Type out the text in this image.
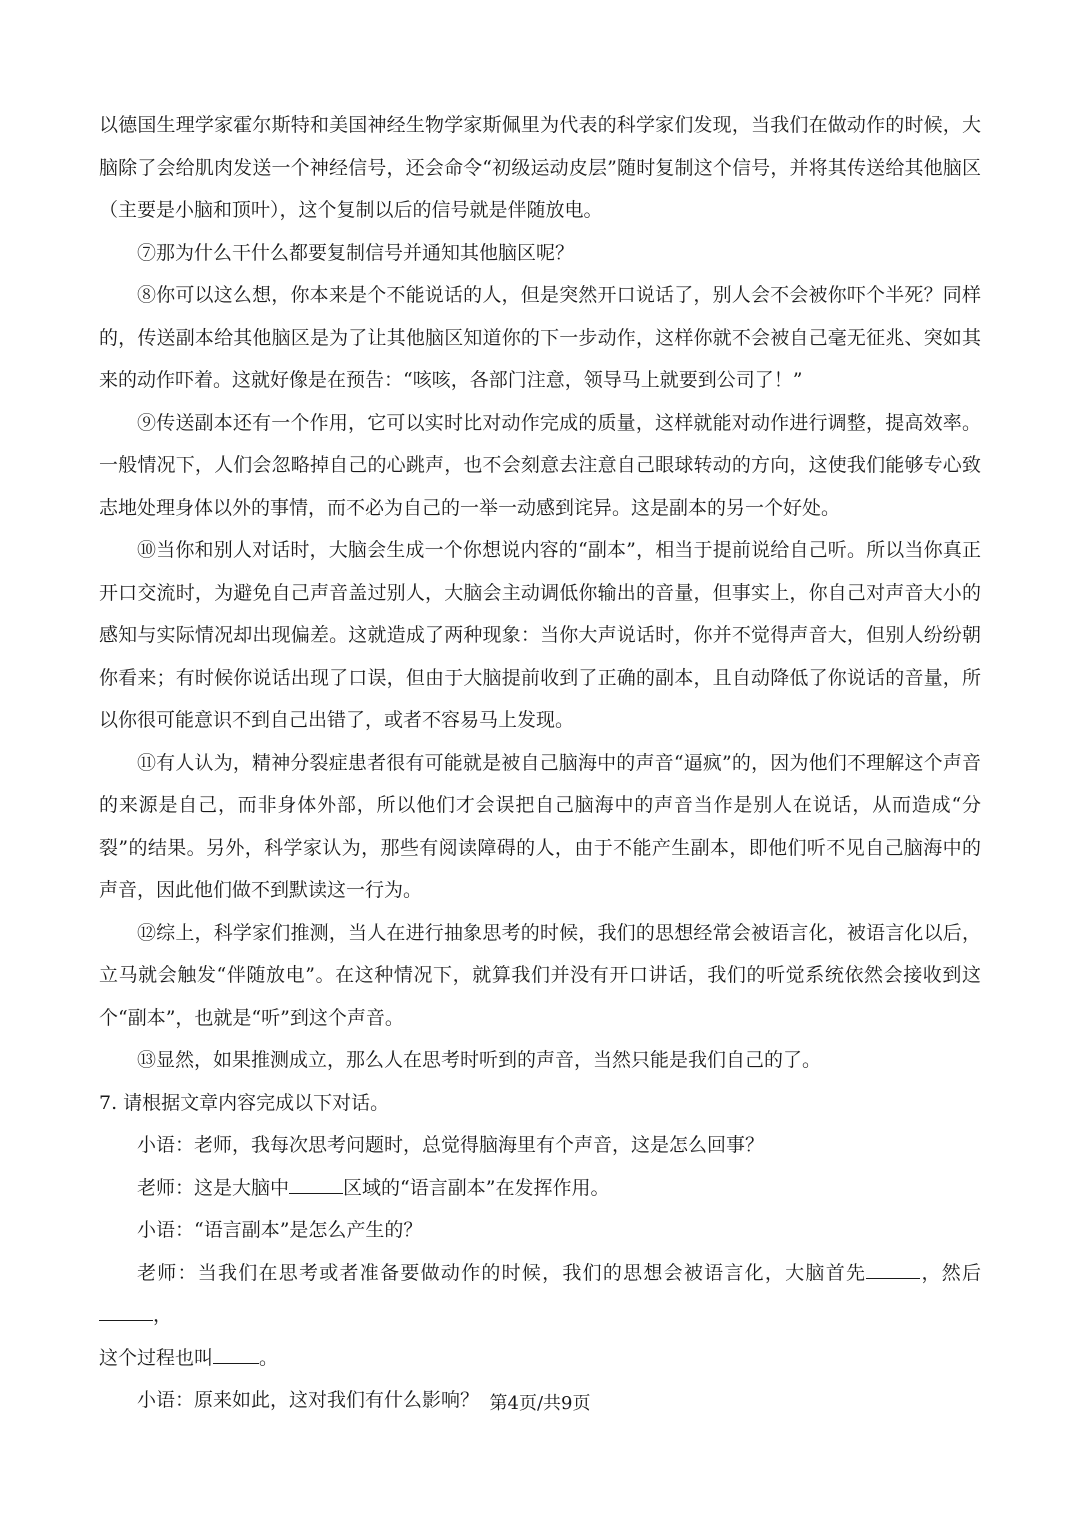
以德国生理学家霍尔斯特和美国神经生物学家斯佩里为代表的科学家们发现，当我们在做动作的时候，大脑除了会给肌肉发送一个神经信号，还会命令“初级运动皮层”随时复制这个信号，并将其传送给其他脑区（主要是小脑和顶叶），这个复制以后的信号就是伴随放电。

⑦那为什么干什么都要复制信号并通知其他脑区呢？

⑧你可以这么想，你本来是个不能说话的人，但是突然开口说话了，别人会不会被你吓个半死？同样的，传送副本给其他脑区是为了让其他脑区知道你的下一步动作，这样你就不会被自己毫无征兆、突如其来的动作吓着。这就好像是在预告：“咳咳，各部门注意，领导马上就要到公司了！”

⑨传送副本还有一个作用，它可以实时比对动作完成的质量，这样就能对动作进行调整，提高效率。一般情况下，人们会忽略掉自己的心跳声，也不会刻意去注意自己眼球转动的方向，这使我们能够专心致志地处理身体以外的事情，而不必为自己的一举一动感到诧异。这是副本的另一个好处。

⑩当你和别人对话时，大脑会生成一个你想说内容的“副本”，相当于提前说给自己听。所以当你真正开口交流时，为避免自己声音盖过别人，大脑会主动调低你输出的音量，但事实上，你自己对声音大小的感知与实际情况却出现偏差。这就造成了两种现象：当你大声说话时，你并不觉得声音大，但别人纷纷朝你看来；有时候你说话出现了口误，但由于大脑提前收到了正确的副本，且自动降低了你说话的音量，所以你很可能意识不到自己出错了，或者不容易马上发现。

⑪有人认为，精神分裂症患者很有可能就是被自己脑海中的声音“逼疯”的，因为他们不理解这个声音的来源是自己，而非身体外部，所以他们才会误把自己脑海中的声音当作是别人在说话，从而造成“分裂”的结果。另外，科学家认为，那些有阅读障碍的人，由于不能产生副本，即他们听不见自己脑海中的声音，因此他们做不到默读这一行为。

⑫综上，科学家们推测，当人在进行抽象思考的时候，我们的思想经常会被语言化，被语言化以后，立马就会触发“伴随放电”。在这种情况下，就算我们并没有开口讲话，我们的听觉系统依然会接收到这个“副本”，也就是“听”到这个声音。

⑬显然，如果推测成立，那么人在思考时听到的声音，当然只能是我们自己的了。

7. 请根据文章内容完成以下对话。

小语：老师，我每次思考问题时，总觉得脑海里有个声音，这是怎么回事？

老师：这是大脑中	区域的“语言副本”在发挥作用。

小语：“语言副本”是怎么产生的？

老师：当我们在思考或者准备要做动作的时候，我们的思想会被语言化，大脑首先	，然后，

这个过程也叫 。

小语：原来如此，这对我们有什么影响？ 第4页/共9页
